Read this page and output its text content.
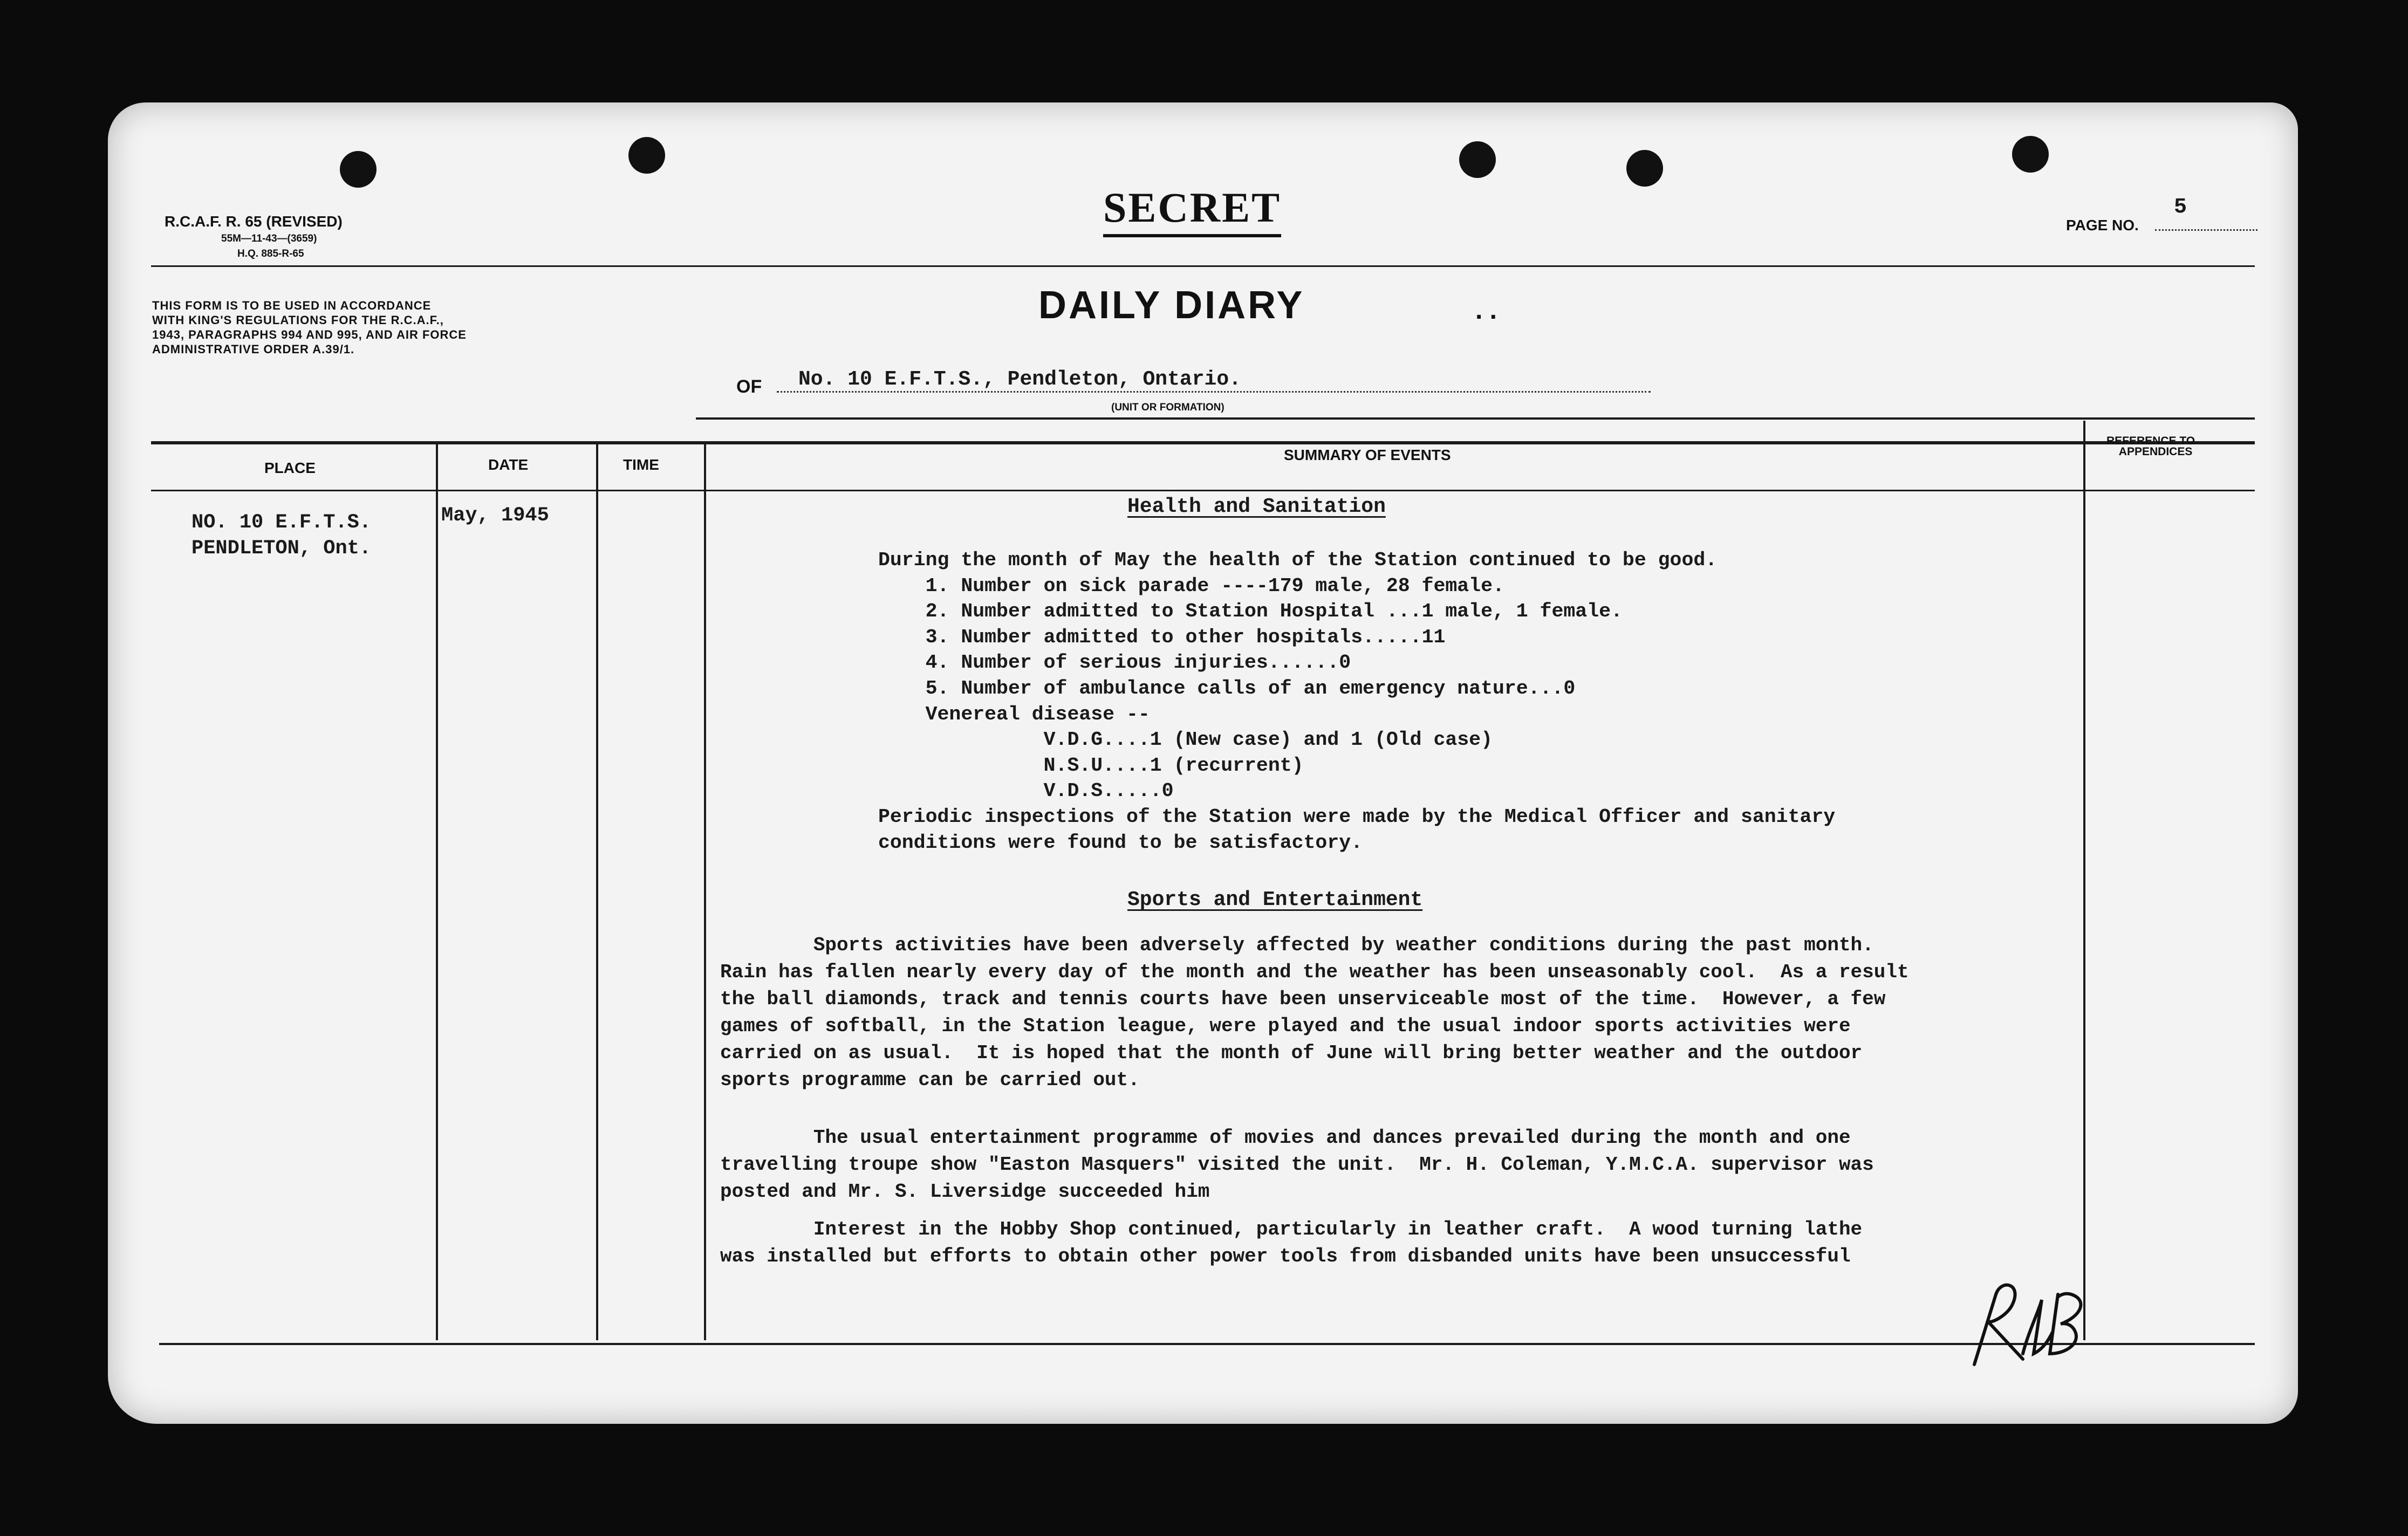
R.C.A.F. R. 65 (REVISED)
55M—11-43—(3659)
H.Q. 885-R-65
SECRET	PAGE NO.
5
THIS FORM IS TO BE USED IN ACCORDANCE
WITH KING'S REGULATIONS FOR THE R.C.A.F.,
1943, PARAGRAPHS 994 AND 995, AND AIR FORCE
ADMINISTRATIVE ORDER A.39/1.
DAILY DIARY	. .
OF No. 10 E.F.T.S., Pendleton, Ontario.
(UNIT OR FORMATION)
PLACE	DATE	TIME
SUMMARY OF EVENTS
REFERENCE TO
APPENDICES
NO. 10 E.F.T.S.
PENDLETON, Ont.
May, 1945	Health and Sanitation
During the month of May the health of the Station continued to be good.
1. Number on sick parade ----179 male, 28 female.
2. Number admitted to Station Hospital ...1 male, 1 female.
3. Number admitted to other hospitals.....11
4. Number of serious injuries......0
5. Number of ambulance calls of an emergency nature...0
Venereal disease --
V.D.G....1 (New case) and 1 (Old case)
N.S.U....1 (recurrent)
V.D.S.....0
Periodic inspections of the Station were made by the Medical Officer and sanitary
conditions were found to be satisfactory.
Sports and Entertainment
Sports activities have been adversely affected by weather conditions during the past month.
Rain has fallen nearly every day of the month and the weather has been unseasonably cool.  As a result
the ball diamonds, track and tennis courts have been unserviceable most of the time.  However, a few
games of softball, in the Station league, were played and the usual indoor sports activities were
carried on as usual.  It is hoped that the month of June will bring better weather and the outdoor
sports programme can be carried out.
The usual entertainment programme of movies and dances prevailed during the month and one
travelling troupe show "Easton Masquers" visited the unit.  Mr. H. Coleman, Y.M.C.A. supervisor was
posted and Mr. S. Liversidge succeeded him
Interest in the Hobby Shop continued, particularly in leather craft.  A wood turning lathe
was installed but efforts to obtain other power tools from disbanded units have been unsuccessful
